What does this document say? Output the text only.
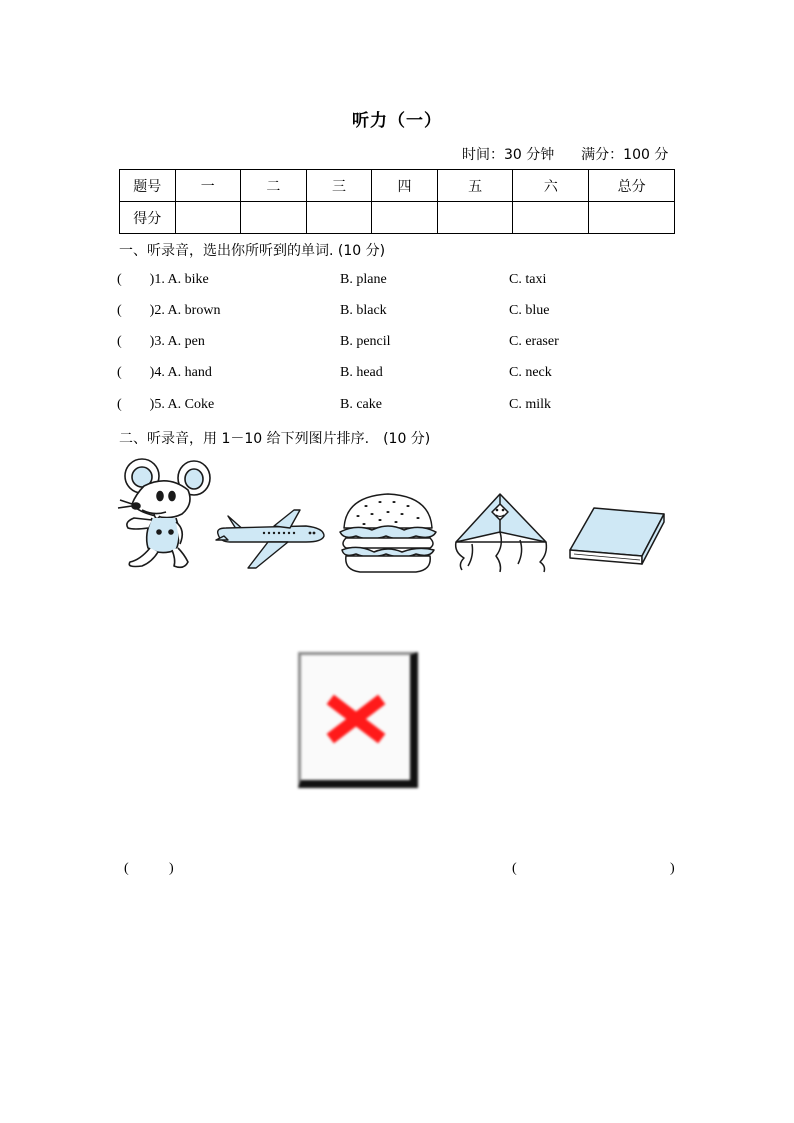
听力（一）
时间：30 分钟 满分：100 分
题号	一	二	三	四	五	六	总分
得分							
一、听录音，选出你所听到的单词. (10 分)
( )1. A. bike	B. plane	C. taxi
( )2. A. brown	B. black	C. blue
( )3. A. pen	B. pencil	C. eraser
( )4. A. hand	B. head	C. neck
( )5. A. Coke	B. cake	C. milk
二、听录音，用 1－10 给下列图片排序.　(10 分)
(	)	(	)
